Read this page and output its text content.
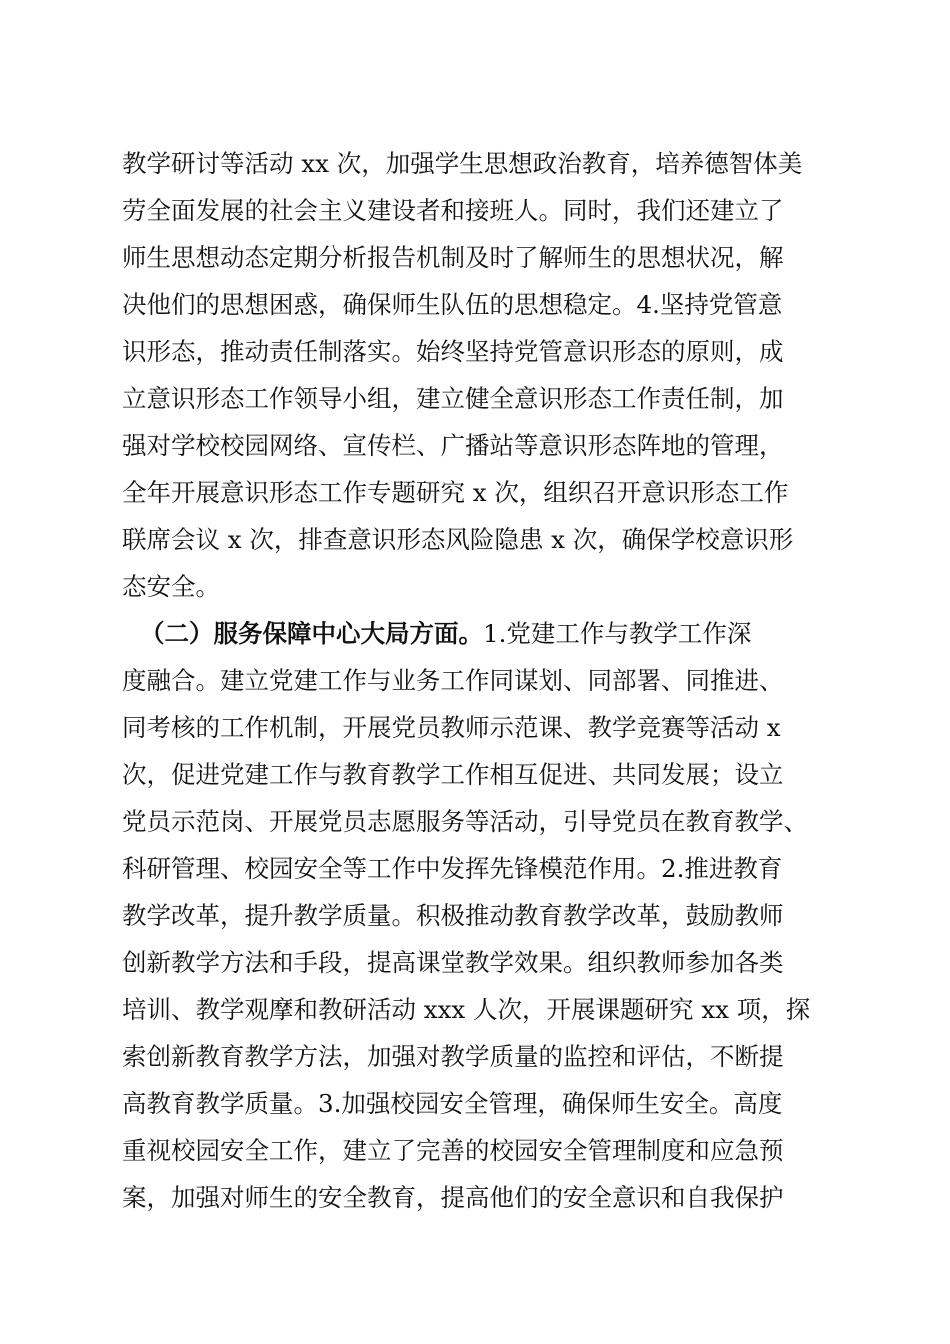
教学研讨等活动 xx 次，加强学生思想政治教育，培养德智体美
劳全面发展的社会主义建设者和接班人。同时，我们还建立了
师生思想动态定期分析报告机制及时了解师生的思想状况，解
决他们的思想困惑，确保师生队伍的思想稳定。4.坚持党管意
识形态，推动责任制落实。始终坚持党管意识形态的原则，成
立意识形态工作领导小组，建立健全意识形态工作责任制，加
强对学校校园网络、宣传栏、广播站等意识形态阵地的管理，
全年开展意识形态工作专题研究 x 次，组织召开意识形态工作
联席会议 x 次，排查意识形态风险隐患 x 次，确保学校意识形
态安全。
（二）服务保障中心大局方面。1.党建工作与教学工作深
度融合。建立党建工作与业务工作同谋划、同部署、同推进、
同考核的工作机制，开展党员教师示范课、教学竞赛等活动 x
次，促进党建工作与教育教学工作相互促进、共同发展；设立
党员示范岗、开展党员志愿服务等活动，引导党员在教育教学、
科研管理、校园安全等工作中发挥先锋模范作用。2.推进教育
教学改革，提升教学质量。积极推动教育教学改革，鼓励教师
创新教学方法和手段，提高课堂教学效果。组织教师参加各类
培训、教学观摩和教研活动 xxx 人次，开展课题研究 xx 项，探
索创新教育教学方法，加强对教学质量的监控和评估，不断提
高教育教学质量。3.加强校园安全管理，确保师生安全。高度
重视校园安全工作，建立了完善的校园安全管理制度和应急预
案，加强对师生的安全教育，提高他们的安全意识和自我保护
